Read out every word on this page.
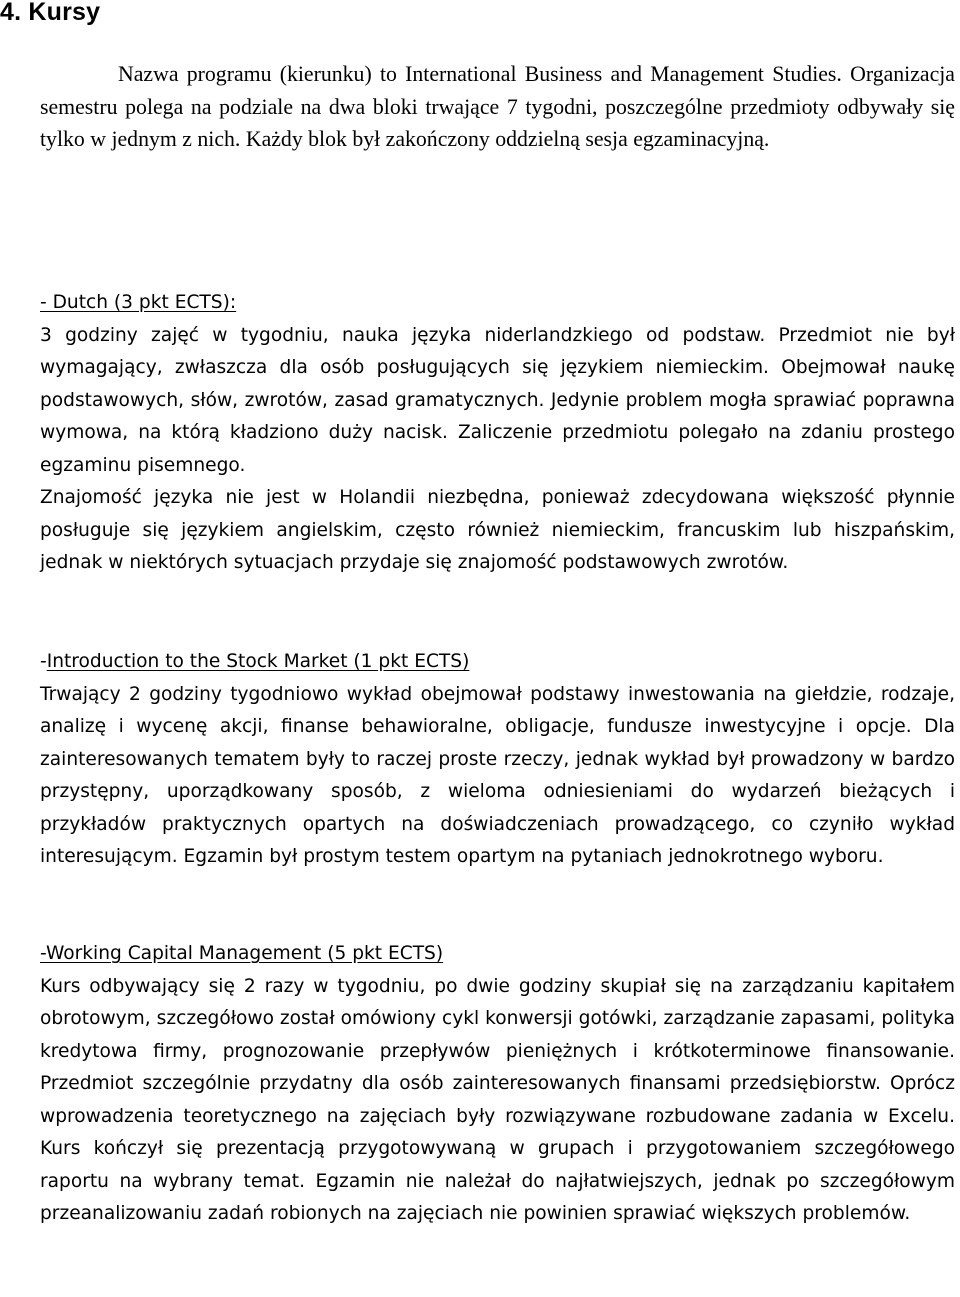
4. Kursy

Nazwa programu (kierunku) to International Business and Management Studies. Organizacja semestru polega na podziale na dwa bloki trwające 7 tygodni, poszczególne przedmioty odbywały się tylko w jednym z nich. Każdy blok był zakończony oddzielną sesja egzaminacyjną.

- Dutch (3 pkt ECTS):

3 godziny zajęć w tygodniu, nauka języka niderlandzkiego od podstaw. Przedmiot nie był wymagający, zwłaszcza dla osób posługujących się językiem niemieckim. Obejmował naukę podstawowych, słów, zwrotów, zasad gramatycznych. Jedynie problem mogła sprawiać poprawna wymowa, na którą kładziono duży nacisk. Zaliczenie przedmiotu polegało na zdaniu prostego egzaminu pisemnego.

Znajomość języka nie jest w Holandii niezbędna, ponieważ zdecydowana większość płynnie posługuje się językiem angielskim, często również niemieckim, francuskim lub hiszpańskim, jednak w niektórych sytuacjach przydaje się znajomość podstawowych zwrotów.

-Introduction to the Stock Market (1 pkt ECTS)

Trwający 2 godziny tygodniowo wykład obejmował podstawy inwestowania na giełdzie, rodzaje, analizę i wycenę akcji, finanse behawioralne, obligacje, fundusze inwestycyjne i opcje. Dla zainteresowanych tematem były to raczej proste rzeczy, jednak wykład był prowadzony w bardzo przystępny, uporządkowany sposób, z wieloma odniesieniami do wydarzeń bieżących i przykładów praktycznych opartych na doświadczeniach prowadzącego, co czyniło wykład interesującym. Egzamin był prostym testem opartym na pytaniach jednokrotnego wyboru.

-Working Capital Management (5 pkt ECTS)

Kurs odbywający się 2 razy w tygodniu, po dwie godziny skupiał się na zarządzaniu kapitałem obrotowym, szczegółowo został omówiony cykl konwersji gotówki, zarządzanie zapasami, polityka kredytowa firmy, prognozowanie przepływów pieniężnych i krótkoterminowe finansowanie. Przedmiot szczególnie przydatny dla osób zainteresowanych finansami przedsiębiorstw. Oprócz wprowadzenia teoretycznego na zajęciach były rozwiązywane rozbudowane zadania w Excelu. Kurs kończył się prezentacją przygotowywaną w grupach i przygotowaniem szczegółowego raportu na wybrany temat. Egzamin nie należał do najłatwiejszych, jednak po szczegółowym przeanalizowaniu zadań robionych na zajęciach nie powinien sprawiać większych problemów.
